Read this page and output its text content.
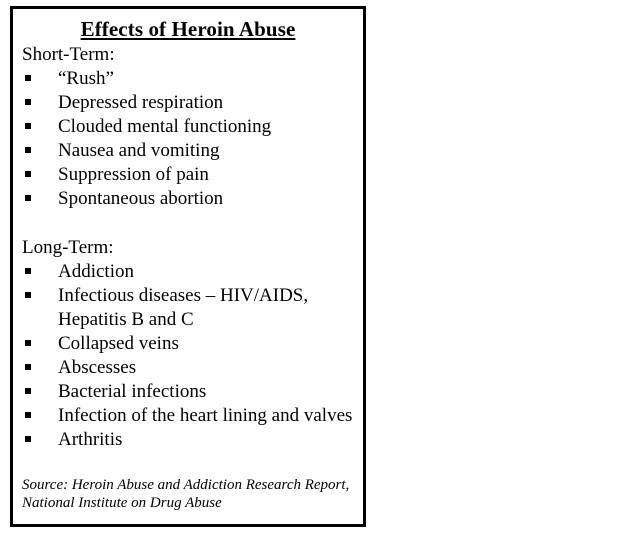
Effects of Heroin Abuse
Short-Term:
“Rush”
Depressed respiration
Clouded mental functioning
Nausea and vomiting
Suppression of pain
Spontaneous abortion
Long-Term:
Addiction
Infectious diseases – HIV/AIDS, Hepatitis B and C
Collapsed veins
Abscesses
Bacterial infections
Infection of the heart lining and valves
Arthritis
Source: Heroin Abuse and Addiction Research Report, National Institute on Drug Abuse
